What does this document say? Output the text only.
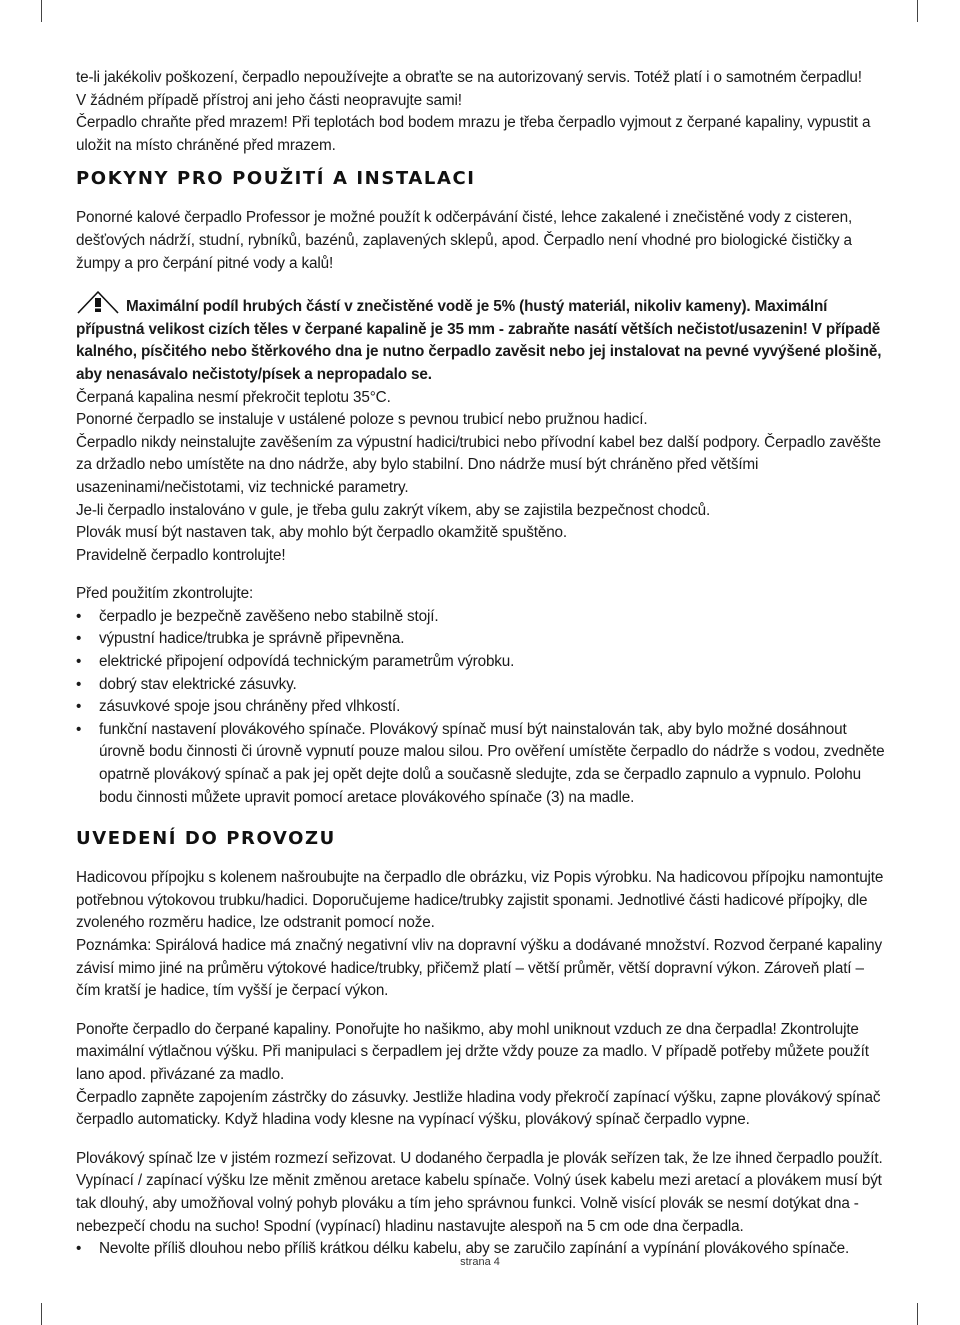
te-li jakékoliv poškození, čerpadlo nepoužívejte a obraťte se na autorizovaný servis. Totéž platí i o samotném čerpadlu!

V žádném případě přístroj ani jeho části neopravujte sami!

Čerpadlo chraňte před mrazem! Při teplotách bod bodem mrazu je třeba čerpadlo vyjmout z čerpané kapaliny, vypustit a uložit na místo chráněné před mrazem.

POKYNY PRO POUŽITÍ A INSTALACI

Ponorné kalové čerpadlo Professor je možné použít k odčerpávání čisté, lehce zakalené i znečistěné vody z cisteren, dešťových nádrží, studní, rybníků, bazénů, zaplavených sklepů, apod. Čerpadlo není vhodné pro biologické čističky a žumpy a pro čerpání pitné vody a kalů!

Maximální podíl hrubých částí v znečistěné vodě je 5% (hustý materiál, nikoliv kameny). Maximální přípustná velikost cizích těles v čerpané kapalině je 35 mm - zabraňte nasátí větších nečistot/usazenin! V případě kalného, písčitého nebo štěrkového dna je nutno čerpadlo zavěsit nebo jej instalovat na pevné vyvýšené plošině, aby nenasávalo nečistoty/písek a nepropadalo se.

Čerpaná kapalina nesmí překročit teplotu 35°C.

Ponorné čerpadlo se instaluje v ustálené poloze s pevnou trubicí nebo pružnou hadicí.

Čerpadlo nikdy neinstalujte zavěšením za výpustní hadici/trubici nebo přívodní kabel bez další podpory. Čerpadlo zavěšte za držadlo nebo umístěte na dno nádrže, aby bylo stabilní. Dno nádrže musí být chráněno před většími usazeninami/nečistotami, viz technické parametry.

Je-li čerpadlo instalováno v gule, je třeba gulu zakrýt víkem, aby se zajistila bezpečnost chodců.

Plovák musí být nastaven tak, aby mohlo být čerpadlo okamžitě spuštěno.

Pravidelně čerpadlo kontrolujte!

Před použitím zkontrolujte:

•	čerpadlo je bezpečně zavěšeno nebo stabilně stojí.
•	výpustní hadice/trubka je správně připevněna.
•	elektrické připojení odpovídá technickým parametrům výrobku.
•	dobrý stav elektrické zásuvky.
•	zásuvkové spoje jsou chráněny před vlhkostí.
•	funkční nastavení plovákového spínače. Plovákový spínač musí být nainstalován tak, aby bylo možné dosáhnout úrovně bodu činnosti či úrovně vypnutí pouze malou silou. Pro ověření umístěte čerpadlo do nádrže s vodou, zvedněte opatrně plovákový spínač a pak jej opět dejte dolů a současně sledujte, zda se čerpadlo zapnulo a vypnulo. Polohu bodu činnosti můžete upravit pomocí aretace plovákového spínače (3) na madle.
UVEDENÍ DO PROVOZU

Hadicovou přípojku s kolenem našroubujte na čerpadlo dle obrázku, viz Popis výrobku. Na hadicovou přípojku namontujte potřebnou výtokovou trubku/hadici. Doporučujeme hadice/trubky zajistit sponami. Jednotlivé části hadicové přípojky, dle zvoleného rozměru hadice, lze odstranit pomocí nože.

Poznámka: Spirálová hadice má značný negativní vliv na dopravní výšku a dodávané množství. Rozvod čerpané kapaliny závisí mimo jiné na průměru výtokové hadice/trubky, přičemž platí – větší průměr, větší dopravní výkon. Zároveň platí – čím kratší je hadice, tím vyšší je čerpací výkon.

Ponořte čerpadlo do čerpané kapaliny. Ponořujte ho našikmo, aby mohl uniknout vzduch ze dna čerpadla! Zkontrolujte maximální výtlačnou výšku. Při manipulaci s čerpadlem jej držte vždy pouze za madlo. V případě potřeby můžete použít lano apod. přivázané za madlo.

Čerpadlo zapněte zapojením zástrčky do zásuvky. Jestliže hladina vody překročí zapínací výšku, zapne plovákový spínač čerpadlo automaticky. Když hladina vody klesne na vypínací výšku, plovákový spínač čerpadlo vypne.

Plovákový spínač lze v jistém rozmezí seřizovat. U dodaného čerpadla je plovák seřízen tak, že lze ihned čerpadlo použít. Vypínací / zapínací výšku lze měnit změnou aretace kabelu spínače. Volný úsek kabelu mezi aretací a plovákem musí být tak dlouhý, aby umožňoval volný pohyb plováku a tím jeho správnou funkci. Volně visící plovák se nesmí dotýkat dna - nebezpečí chodu na sucho! Spodní (vypínací) hladinu nastavujte alespoň na 5 cm ode dna čerpadla.

•	Nevolte příliš dlouhou nebo příliš krátkou délku kabelu, aby se zaručilo zapínání a vypínání plovákového spínače.
strana 4
